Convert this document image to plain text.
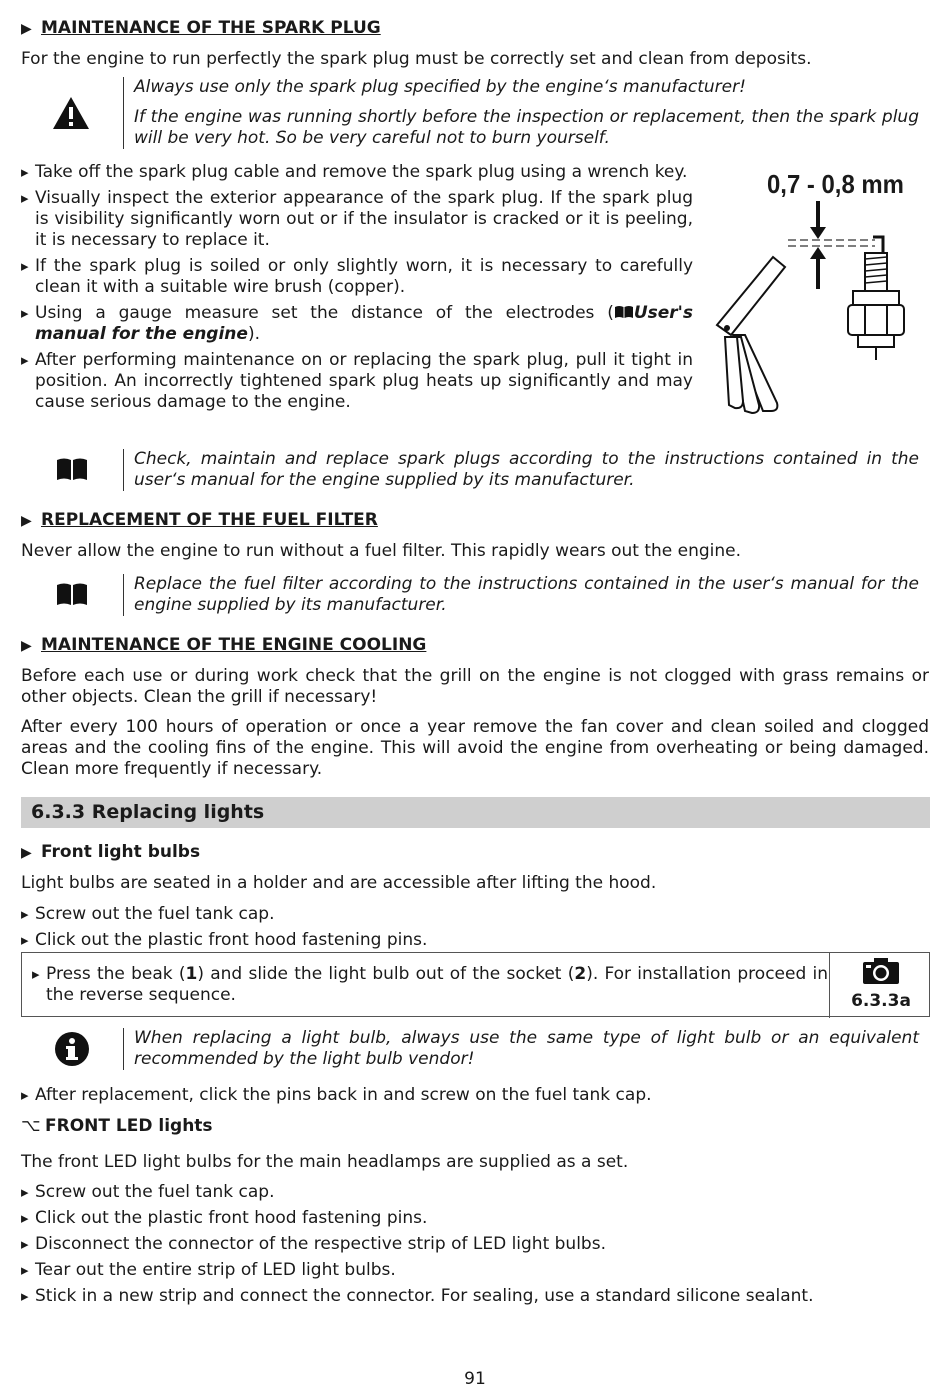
▶ MAINTENANCE OF THE SPARK PLUG
For the engine to run perfectly the spark plug must be correctly set and clean from deposits.

Always use only the spark plug specified by the engine‘s manufacturer!

If the engine was running shortly before the inspection or replacement, then the spark plug will be very hot. So be very careful not to burn yourself.

▸ Take off the spark plug cable and remove the spark plug using a wrench key.
▸ Visually inspect the exterior appearance of the spark plug. If the spark plug is visibility significantly worn out or if the insulator is cracked or it is peeling, it is necessary to replace it.
▸ If the spark plug is soiled or only slightly worn, it is necessary to carefully clean it with a suitable wire brush (copper).
▸ Using a gauge measure set the distance of the electrodes ( User's manual for the engine).
▸ After performing maintenance on or replacing the spark plug, pull it tight in position. An incorrectly tightened spark plug heats up significantly and may cause serious damage to the engine.
0,7 - 0,8 mm
Check, maintain and replace spark plugs according to the instructions contained in the user‘s manual for the engine supplied by its manufacturer.
▶ REPLACEMENT OF THE FUEL FILTER
Never allow the engine to run without a fuel filter. This rapidly wears out the engine.
Replace the fuel filter according to the instructions contained in the user‘s manual for the engine supplied by its manufacturer.
▶ MAINTENANCE OF THE ENGINE COOLING
Before each use or during work check that the grill on the engine is not clogged with grass remains or other objects. Clean the grill if necessary!
After every 100 hours of operation or once a year remove the fan cover and clean soiled and clogged areas and the cooling fins of the engine. This will avoid the engine from overheating or being damaged. Clean more frequently if necessary.
6.3.3 Replacing lights
▶ Front light bulbs
Light bulbs are seated in a holder and are accessible after lifting the hood.
▸ Screw out the fuel tank cap.
▸ Click out the plastic front hood fastening pins.
▸ Press the beak (1) and slide the light bulb out of the socket (2). For installation proceed in the reverse sequence.	6.3.3a
When replacing a light bulb, always use the same type of light bulb or an equivalent recommended by the light bulb vendor!
▸ After replacement, click the pins back in and screw on the fuel tank cap.
⌥ FRONT LED lights
The front LED light bulbs for the main headlamps are supplied as a set.
▸ Screw out the fuel tank cap.
▸ Click out the plastic front hood fastening pins.
▸ Disconnect the connector of the respective strip of LED light bulbs.
▸ Tear out the entire strip of LED light bulbs.
▸ Stick in a new strip and connect the connector. For sealing, use a standard silicone sealant.
91
